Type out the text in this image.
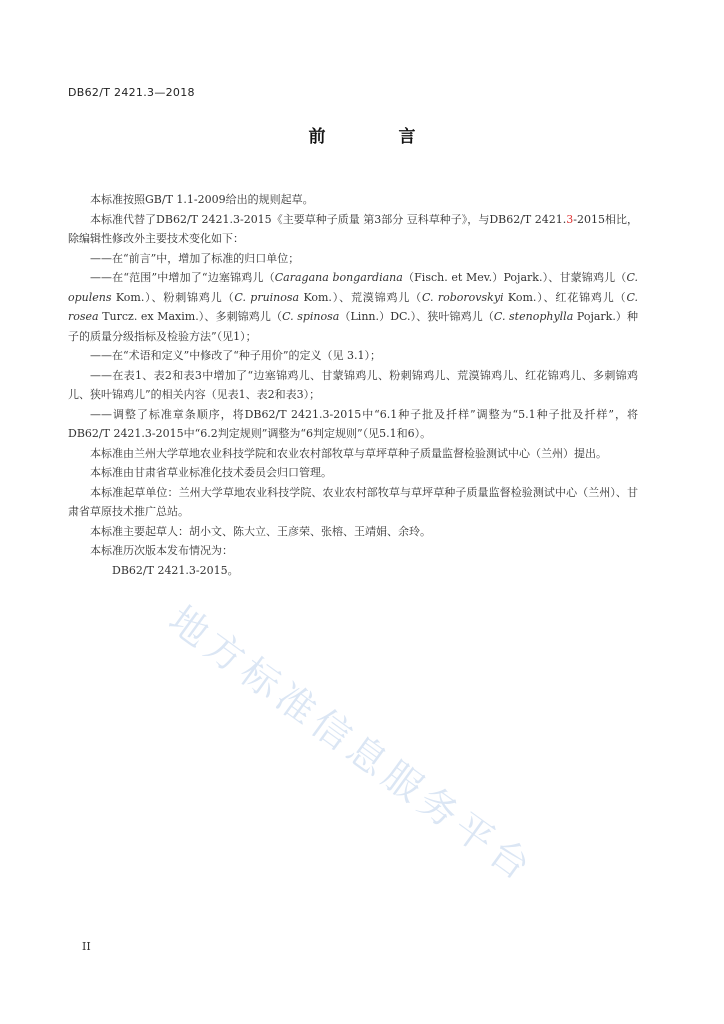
DB62/T 2421.3—2018
前　言

本标准按照GB/T 1.1-2009给出的规则起草。

本标准代替了DB62/T 2421.3-2015《主要草种子质量 第3部分 豆科草种子》，与DB62/T 2421.3-2015相比，除编辑性修改外主要技术变化如下：

——在“前言”中，增加了标准的归口单位；

——在“范围”中增加了“边塞锦鸡儿（Caragana bongardiana（Fisch. et Mev.）Pojark.）、甘蒙锦鸡儿（C. opulens Kom.）、粉刺锦鸡儿（C. pruinosa Kom.）、荒漠锦鸡儿（C. roborovskyi Kom.）、红花锦鸡儿（C. rosea Turcz. ex Maxim.）、多刺锦鸡儿（C. spinosa（Linn.）DC.）、狭叶锦鸡儿（C. stenophylla Pojark.）种子的质量分级指标及检验方法”（见1）；

——在“术语和定义”中修改了“种子用价”的定义（见 3.1）；

——在表1、表2和表3中增加了“边塞锦鸡儿、甘蒙锦鸡儿、粉刺锦鸡儿、荒漠锦鸡儿、红花锦鸡儿、多刺锦鸡儿、狭叶锦鸡儿”的相关内容（见表1、表2和表3）；

——调整了标准章条顺序，将DB62/T 2421.3-2015中“6.1种子批及扦样”调整为“5.1种子批及扦样”，将DB62/T 2421.3-2015中“6.2判定规则”调整为“6判定规则”（见5.1和6）。

本标准由兰州大学草地农业科技学院和农业农村部牧草与草坪草种子质量监督检验测试中心（兰州）提出。

本标准由甘肃省草业标准化技术委员会归口管理。

本标准起草单位：兰州大学草地农业科技学院、农业农村部牧草与草坪草种子质量监督检验测试中心（兰州）、甘肃省草原技术推广总站。

本标准主要起草人：胡小文、陈大立、王彦荣、张榕、王靖娟、余玲。

本标准历次版本发布情况为：

DB62/T 2421.3-2015。

地方标准信息服务平台
II
